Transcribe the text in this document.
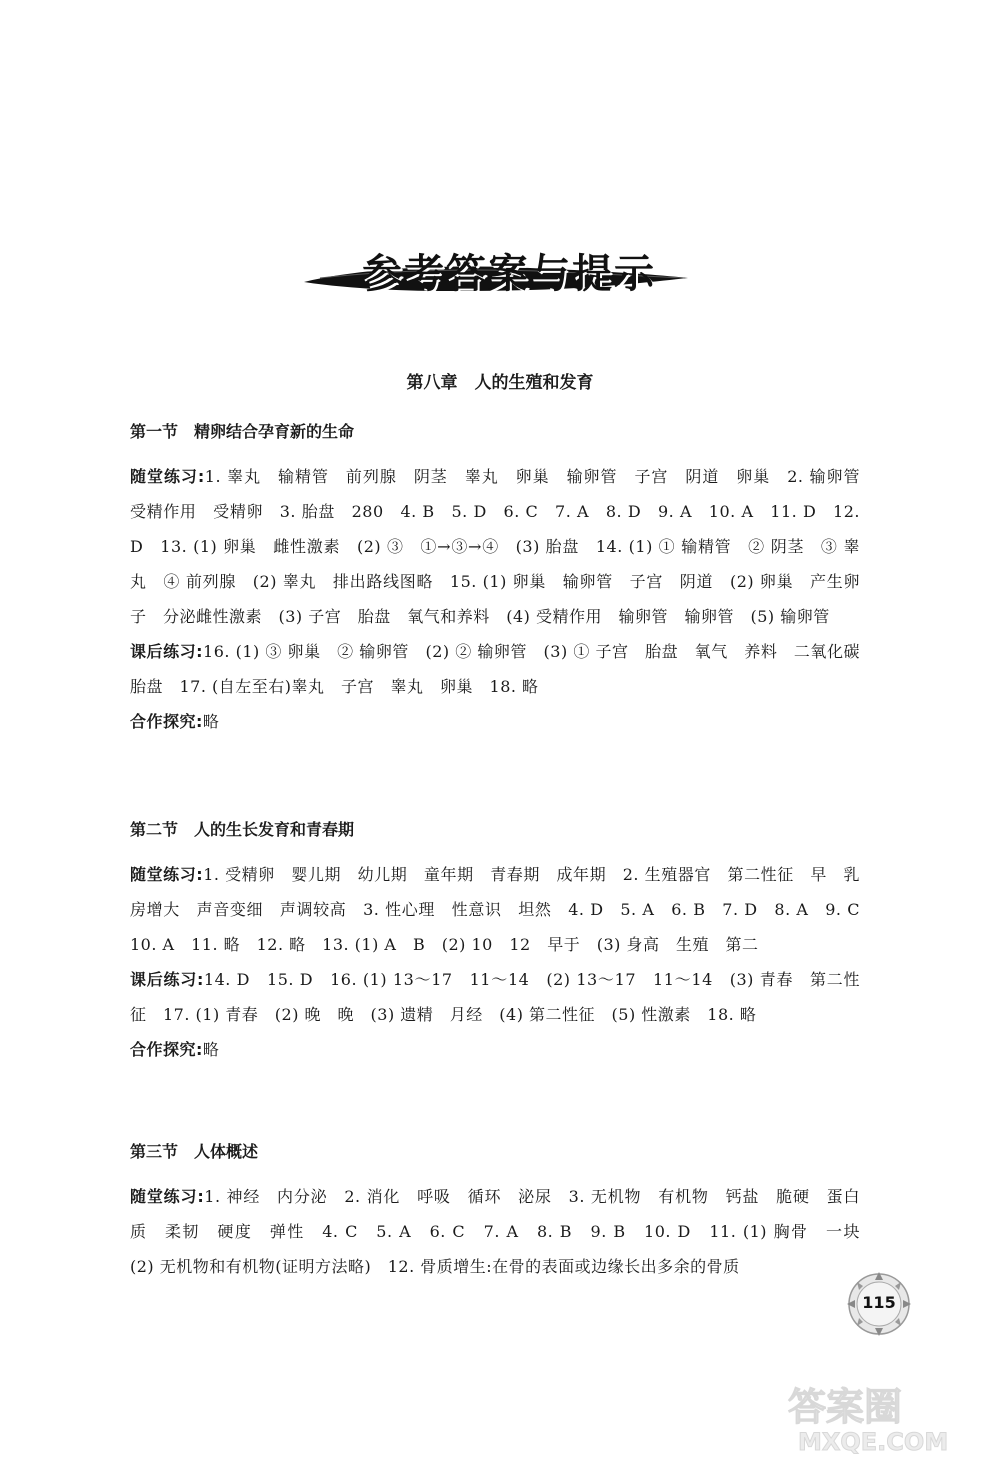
参考答案与提示
第八章　人的生殖和发育
第一节　精卵结合孕育新的生命

随堂练习:1. 睾丸　输精管　前列腺　阴茎　睾丸　卵巢　输卵管　子宫　阴道　卵巢　2. 输卵管　受精作用　受精卵　3. 胎盘　280　4. B　5. D　6. C　7. A　8. D　9. A　10. A　11. D　12. D　13. (1) 卵巢　雌性激素　(2) ③　①→③→④　(3) 胎盘　14. (1) ① 输精管　② 阴茎　③ 睾丸　④ 前列腺　(2) 睾丸　排出路线图略　15. (1) 卵巢　输卵管　子宫　阴道　(2) 卵巢　产生卵子　分泌雌性激素　(3) 子宫　胎盘　氧气和养料　(4) 受精作用　输卵管　输卵管　(5) 输卵管

课后练习:16. (1) ③ 卵巢　② 输卵管　(2) ② 输卵管　(3) ① 子宫　胎盘　氧气　养料　二氧化碳　胎盘　17. (自左至右)睾丸　子宫　睾丸　卵巢　18. 略

合作探究:略

第二节　人的生长发育和青春期

随堂练习:1. 受精卵　婴儿期　幼儿期　童年期　青春期　成年期　2. 生殖器官　第二性征　早　乳房增大　声音变细　声调较高　3. 性心理　性意识　坦然　4. D　5. A　6. B　7. D　8. A　9. C　10. A　11. 略　12. 略　13. (1) A　B　(2) 10　12　早于　(3) 身高　生殖　第二

课后练习:14. D　15. D　16. (1) 13～17　11～14　(2) 13～17　11～14　(3) 青春　第二性征　17. (1) 青春　(2) 晚　晚　(3) 遗精　月经　(4) 第二性征　(5) 性激素　18. 略

合作探究:略

第三节　人体概述

随堂练习:1. 神经　内分泌　2. 消化　呼吸　循环　泌尿　3. 无机物　有机物　钙盐　脆硬　蛋白质　柔韧　硬度　弹性　4. C　5. A　6. C　7. A　8. B　9. B　10. D　11. (1) 胸骨　一块　(2) 无机物和有机物(证明方法略)　12. 骨质增生:在骨的表面或边缘长出多余的骨质

115
答案圈
MXQE.COM
